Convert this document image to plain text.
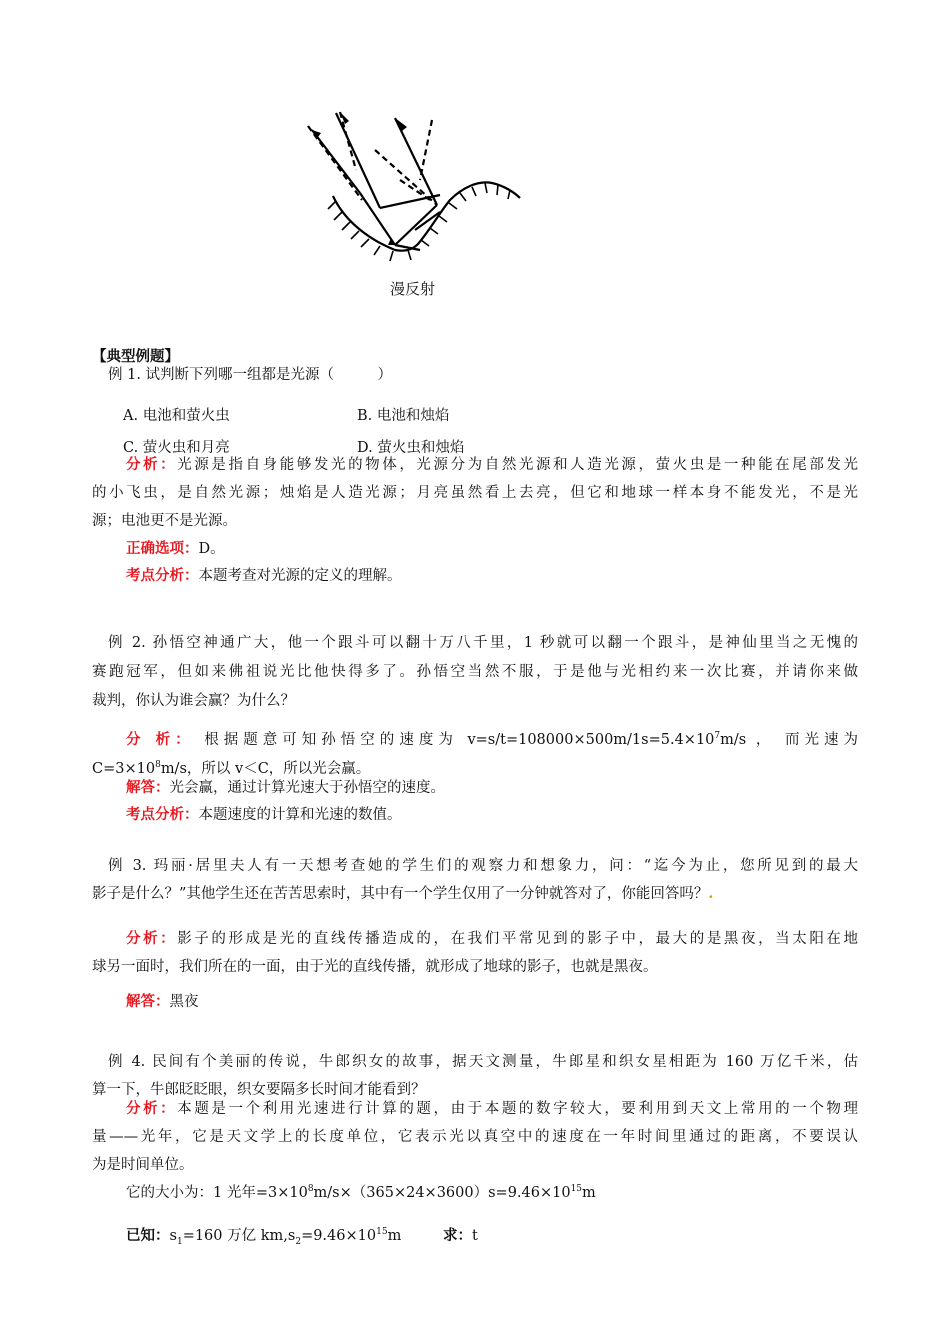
漫反射
【典型例题】
例 1. 试判断下列哪一组都是光源（　　　）
A. 电池和萤火虫	B. 电池和烛焰
C. 萤火虫和月亮	D. 萤火虫和烛焰
分析：光源是指自身能够发光的物体，光源分为自然光源和人造光源，萤火虫是一种能在尾部发光
的小飞虫，是自然光源；烛焰是人造光源；月亮虽然看上去亮，但它和地球一样本身不能发光，不是光
源；电池更不是光源。
正确选项：D。
考点分析：本题考查对光源的定义的理解。
例 2. 孙悟空神通广大，他一个跟斗可以翻十万八千里，1 秒就可以翻一个跟斗，是神仙里当之无愧的
赛跑冠军，但如来佛祖说光比他快得多了。孙悟空当然不服，于是他与光相约来一次比赛，并请你来做
裁判，你认为谁会赢？为什么？
分 析： 根据题意可知孙悟空的速度为 $v=s/t=108000\times 500m/1s=5.4\times 10^7m/s$ ， 而光速为
$C=3\times 10^8m/s$，所以 v＜C，所以光会赢。
解答：光会赢，通过计算光速大于孙悟空的速度。
考点分析：本题速度的计算和光速的数值。
例 3. 玛丽·居里夫人有一天想考查她的学生们的观察力和想象力，问：“迄今为止，您所见到的最大
影子是什么？”其他学生还在苦苦思索时，其中有一个学生仅用了一分钟就答对了，你能回答吗？.
分析：影子的形成是光的直线传播造成的，在我们平常见到的影子中，最大的是黑夜，当太阳在地
球另一面时，我们所在的一面，由于光的直线传播，就形成了地球的影子，也就是黑夜。
解答：黑夜
例 4. 民间有个美丽的传说，牛郎织女的故事，据天文测量，牛郎星和织女星相距为 160 万亿千米，估
算一下，牛郎眨眨眼，织女要隔多长时间才能看到？
分析：本题是一个利用光速进行计算的题，由于本题的数字较大，要利用到天文上常用的一个物理
量——光年，它是天文学上的长度单位，它表示光以真空中的速度在一年时间里通过的距离，不要误认
为是时间单位。
它的大小为：1 光年$=3\times 10^8m/s\times(365\times 24\times 3600)s=9.46\times 10^{15}m$
已知：$s_1=160$ 万亿 $km,s_2=9.46\times 10^{15}m$	求：t
